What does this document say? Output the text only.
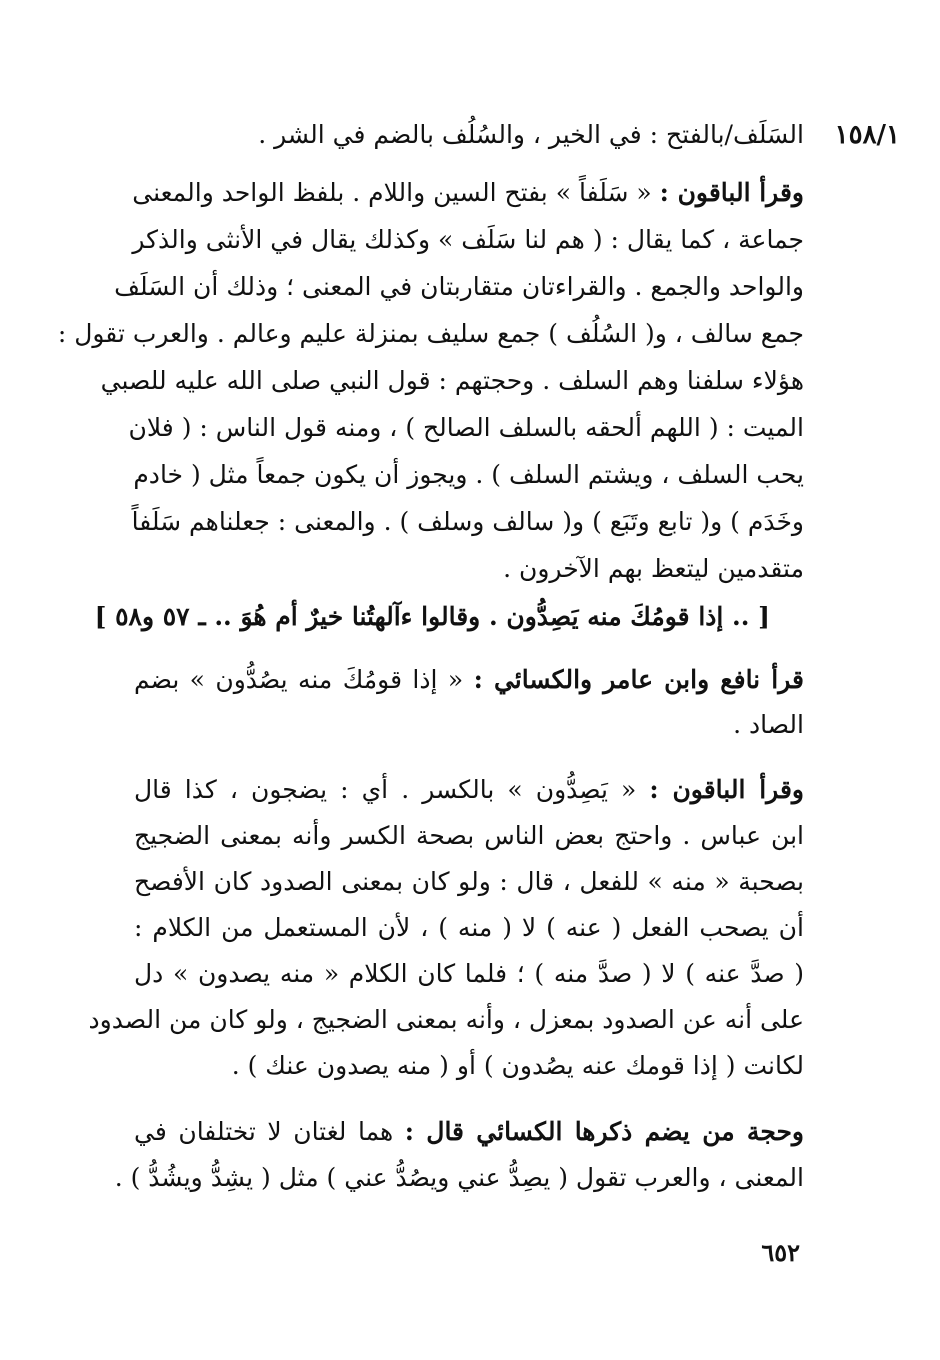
١٥٨/١
السَلَف/بالفتح : في الخير ، والسُلُف بالضم في الشر .
وقرأ الباقون : « سَلَفاً » بفتح السين واللام . بلفظ الواحد والمعنى
جماعة ، كما يقال : ( هم لنا سَلَف » وكذلك يقال في الأنثى والذكر
والواحد والجمع . والقراءتان متقاربتان في المعنى ؛ وذلك أن السَلَف
جمع سالف ، و( السُلُف ) جمع سليف بمنزلة عليم وعالم . والعرب تقول :
هؤلاء سلفنا وهم السلف . وحجتهم : قول النبي صلى الله عليه للصبي
الميت : ( اللهم ألحقه بالسلف الصالح ) ، ومنه قول الناس : ( فلان
يحب السلف ، ويشتم السلف ) . ويجوز أن يكون جمعاً مثل ( خادم
وخَدَم ) و( تابع وتَبَع ) و( سالف وسلف ) . والمعنى : جعلناهم سَلَفاً
متقدمين ليتعظ بهم الآخرون .
[ .. إذا قومُكَ منه يَصِدُّون . وقالوا ءآلهتُنا خيرٌ أم هُوَ .. ـ ٥٧ و٥٨ ]
قرأ نافع وابن عامر والكسائي : « إذا قومُكَ منه يصُدُّون » بضم
الصاد .
وقرأ الباقون : « يَصِدُّون » بالكسر . أي : يضجون ، كذا قال
ابن عباس . واحتج بعض الناس بصحة الكسر وأنه بمعنى الضجيج
بصحبة « منه » للفعل ، قال : ولو كان بمعنى الصدود كان الأفصح
أن يصحب الفعل ( عنه ) لا ( منه ) ، لأن المستعمل من الكلام :
( صدَّ عنه ) لا ( صدَّ منه ) ؛ فلما كان الكلام « منه يصدون » دل
على أنه عن الصدود بمعزل ، وأنه بمعنى الضجيج ، ولو كان من الصدود
لكانت ( إذا قومك عنه يصُدون ) أو ( منه يصدون عنك ) .
وحجة من يضم ذكرها الكسائي قال : هما لغتان لا تختلفان في
المعنى ، والعرب تقول ( يصِدُّ عني ويصُدُّ عني ) مثل ( يشِدُّ ويشُدُّ ) .
٦٥٢
